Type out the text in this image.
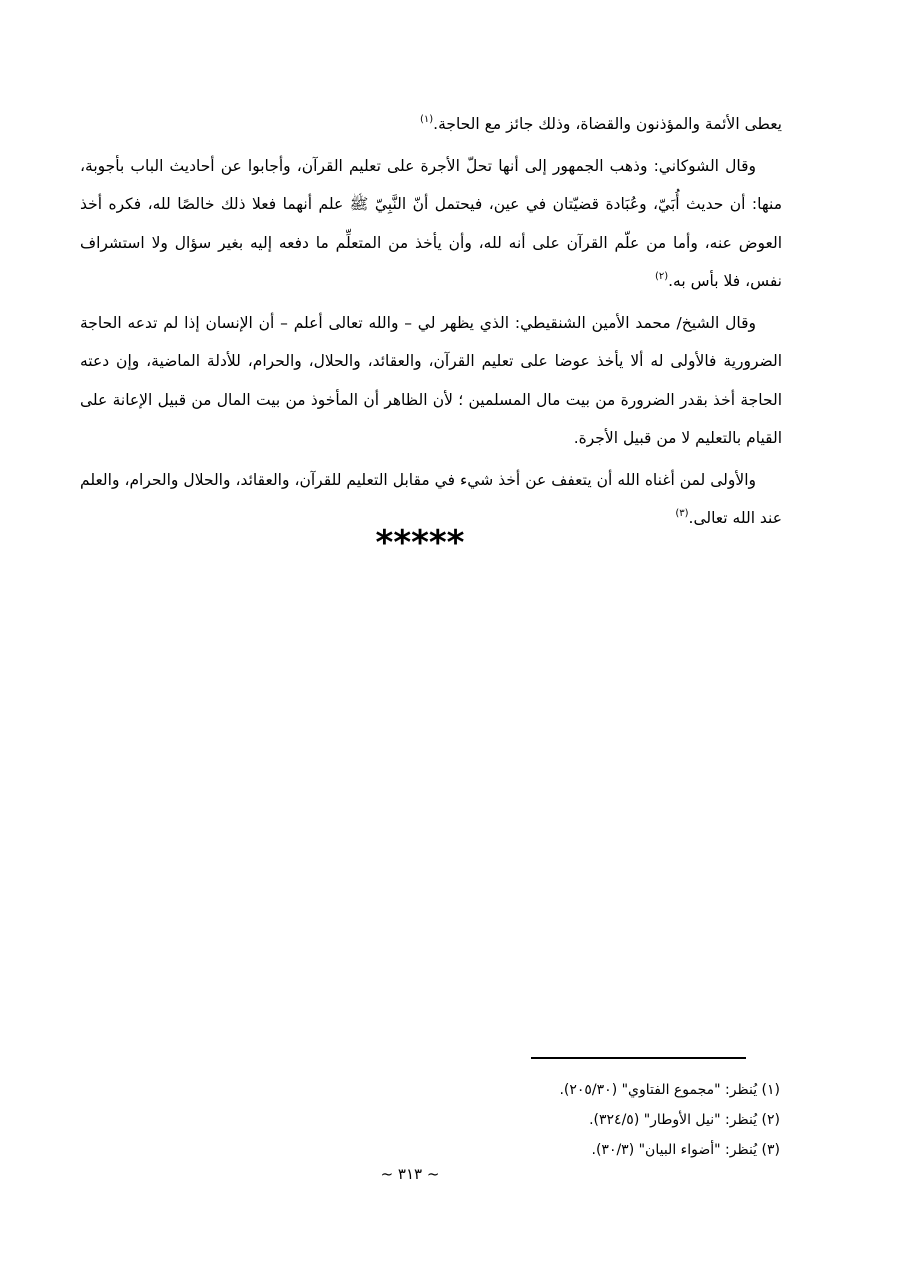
يعطى الأئمة والمؤذنون والقضاة، وذلك جائز مع الحاجة.$^{(١)}$

وقال الشوكاني: وذهب الجمهور إلى أنها تحلّ الأجرة على تعليم القرآن، وأجابوا عن أحاديث الباب بأجوبة، منها: أن حديث أُبَيّ، وعُبَادة قضيّتان في عين، فيحتمل أنّ النَّبِيّ ﷺ علم أنهما فعلا ذلك خالصًا لله، فكره أخذ العوض عنه، وأما من علّم القرآن على أنه لله، وأن يأخذ من المتعلِّم ما دفعه إليه بغير سؤال ولا استشراف نفس، فلا بأس به.$^{(٢)}$

وقال الشيخ/ محمد الأمين الشنقيطي: الذي يظهر لي – والله تعالى أعلم – أن الإنسان إذا لم تدعه الحاجة الضرورية فالأولى له ألا يأخذ عوضا على تعليم القرآن، والعقائد، والحلال، والحرام، للأدلة الماضية، وإن دعته الحاجة أخذ بقدر الضرورة من بيت مال المسلمين ؛ لأن الظاهر أن المأخوذ من بيت المال من قبيل الإعانة على القيام بالتعليم لا من قبيل الأجرة.

والأولى لمن أغناه الله أن يتعفف عن أخذ شيء في مقابل التعليم للقرآن، والعقائد، والحلال والحرام، والعلم عند الله تعالى.$^{(٣)}$

*****
(١) يُنظر: "مجموع الفتاوي" (٢٠٥/٣٠).
(٢) يُنظر: "نيل الأوطار" (٣٢٤/٥).
(٣) يُنظر: "أضواء البيان" (٣٠/٣).
~ ٣١٣ ~
